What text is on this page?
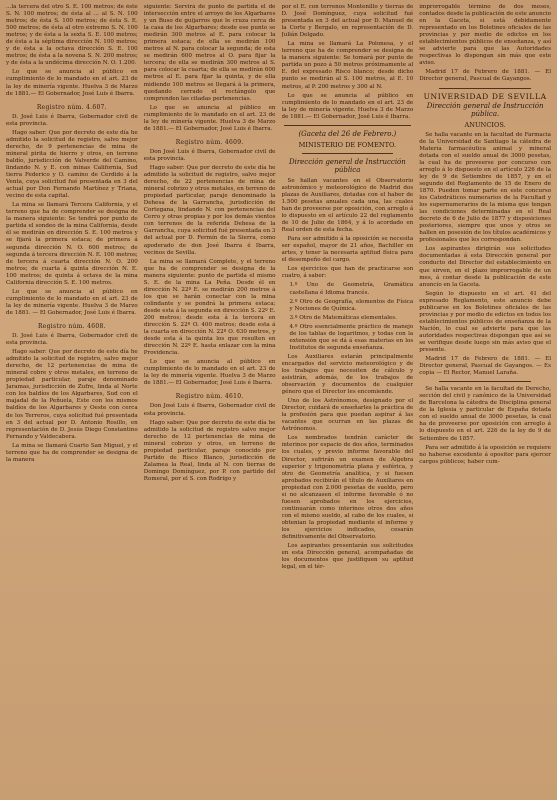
...la tercera del otro S. E. 100 metros; de éste S. N. 100 metros; de ésta al ... al S. N. 100 metros; de ésta S. 100 metros; de ésta S. E. 500 metros; de ésta al otro extremo S. N. 100 metros; y de ésta a la sexta S. E. 100 metros; de ésta a la séptima dirección N. 100 metros; y de ésta a la octava dirección S. E. 100 metros; de ésta a la novena S. N. 200 metros; y de ésta a la undécima dirección N. O. 1.200.

Lo que se anuncia al público en cumplimiento de lo mandado en el art. 23 de la ley de minería vigente. Huelva 3 de Marzo de 1881.— El Gobernador, José Luis é Ibarra.

Registro núm. 4.607.

D. José Luis é Ibarra, Gobernador civil de esta provincia.

Hago saber: Que por decreto de este día he admitido la solicitud de registro, salvo mejor derecho, de 9 pertenencias de mina de mineral pirita de hierro y otros, en terreno baldío, jurisdicción de Valverde del Camino, lindando N. y E. con minas California, Sud tierra Federico y O. camino de Cerdido á la Venta, cuya solicitud fué presentada en 3 del actual por Don Fernando Martínez y Triana, vecino de esta capital.

La mina se llamará Tercera California, y el terreno que ha de comprender se designa de la manera siguiente: Se tendrá por punto de partida el sondeo de la mina California, desde él se medirán en dirección S. E. 100 metros y se fijará la primera estaca; de primera á segunda dirección N. O. 600 metros; de segunda á tercera dirección N. E. 100 metros; de tercera á cuarta dirección N. O. 200 metros; de cuarta á quinta dirección N. E. 100 metros; de quinta á octava de la mina California dirección S. E. 100 metros.

Lo que se anuncia al público en cumplimiento de lo mandado en el art. 23 de la ley de minería vigente. Huelva 3 de Marzo de 1881. — El Gobernador, José Luis é Ibarra.

Registro núm. 4608.

D. José Luis é Ibarra, Gobernador civil de esta provincia.

Hago saber: Que por decreto de este día he admitido la solicitud de registro, salvo mejor derecho, de 12 pertenencias de mina de mineral cobre y otros metales, en terreno de propiedad particular, paraje denominado Jaramas, jurisdicción de Zufre, linda al Norte con los baldíos de los Algarbares, Sud con el majadal de la Peñuela, Este con los mismos baldíos de los Algarbares y Oeste con cerca de los Terreros, cuya solicitud fué presentada en 3 del actual por D. Antonio Rosillo, en representación de D. Jesús Diego Constantino Fernando y Valdecabera.

La mina se llamará Cuarto San Miguel, y el terreno que ha de comprender se designa de la manera

siguiente: Servirá de punto de partida el de intersección entre el arroyo de los Algarbares y un Buso de guijarros que le cruza cerca de la casa de los Algarbares; desde ese punto se medirán 300 metros al E. para colocar la primera estaca; de ella se medirán 100 metros al N. para colocar la segunda; de esta se medirán 600 metros al O. para fijar la tercera; de ella se medirán 300 metros al S. para colocar la cuarta; de ella se medirán 600 metros al E. para fijar la quinta, y de ella midiendo 100 metros se llegará á la primera, quedando cerrado el rectángulo que comprenden las citadas pertenencias.

Lo que se anuncia al público en cumplimiento de lo mandado en el art. 23 de la ley de minería vigente. Huelva 3 de Marzo de 1881.— El Gobernador, José Luis é Ibarra.

Registro núm. 4609.

Don José Luis é Ibarra, Gobernador civil de esta provincia.

Hago saber: Que por decreto de este día he admitido la solicitud de registro, salvo mejor derecho, de 22 pertenencias de mina de mineral cobrizo y otros metales, en terreno de propiedad particular, paraje denominado la Dehesa de la Garrancha, jurisdicción de Cortegana, lindando N. con pertenencias del Cerro y otras propias y por los demás vientos con terrenos de la referida Dehesa de la Garrancha, cuya solicitud fué presentada en 3 del actual por D. Fermín de la Sierra, como apoderado de don José Ibarra é Ibarra, vecinos de Sevilla.

La mina se llamará Complete, y el terreno que ha de comprender se designa de la manera siguiente: punto de partida el mismo S. E. de la mina La Peña. Desde él en dirección N. 22º E. se medirán 200 metros á los que se harán conectar con la mina colindante y se pondrá la primera estaca; desde esta á la segunda en dirección S. 22º E. 200 metros; desde esta á la tercera en dirección S. 22º O. 400 metros; desde esta á la cuarta en dirección N. 22º O. 630 metros, y desde esta á la quinta los que resulten en dirección N. 22º E. hasta enlazar con la mina Providencia.

Lo que se anuncia al público en cumplimiento de lo mandado en el art. 23 de la ley de minería vigente. Huelva 3 de Marzo de 1881.— El Gobernador, José Luis é Ibarra.

Registro núm. 4610.

Don José Luis é Ibarra, Gobernador civil de esta provincia.

Hago saber: Que por decreto de este día he admitido la solicitud de registro salvo mejor derecho de 12 pertenencias de mina de mineral cobrizo y otros, en terreno de propiedad particular, paraje conocido por Partido de Risco Blanco, jurisdicción de Zalamea la Real, linda al N. con tierras de Domingo Domínguez, por P. con partido del Romeral, por el S. con Rodrigo y

por el E. con terrenos Montenillo y tierras de D. José Domínguez, cuya solicitud fué presentada en 3 del actual por D. Manuel de la Corte y Bergalo, en representación de D. Julián Delgado.

La mina se llamará La Polonesa, y el terreno que ha de comprender se designa de la manera siguiente: Se tomará por punto de partida un pozo á 50 metros próximamente al E. del expresado Risco blanco; desde dicho punto se medirán al S. 100 metros, al E. 10 metros, al P. 200 metros y 300 al N.

Lo que se anuncia al público en cumplimiento de lo mandado en el art. 23 de la ley de minería vigente. Huelva 3 de Marzo de 1881.— El Gobernador, José Luis é Ibarra.

(Gaceta del 26 de Febrero.)
MINISTERIO DE FOMENTO.
Dirección general de Instrucción pública

Se hallan vacantes en el Observatorio astronómico y meteorológico de Madrid dos plazas de Auxiliares, dotadas con el haber de 1.500 pesetas anuales cada una, las cuales han de proveerse por oposición, con arreglo á lo dispuesto en el artículo 22 del reglamento de 10 de Julio de 1864, y á lo acordado en Real orden de esta fecha.

Para ser admitido á la oposición se necesita ser español, mayor de 21 años, Bachiller en artes, y tener la necesaria aptitud física para el desempeño del cargo.

Los ejercicios que han de practicarse son cuatro, á saber:

1.º Uno de Geometría, Gramática castellana é Idioma francés.

2.º Otro de Geografía, elementos de Física y Nociones de Química.

3.º Otro de Matemáticas elementales.

4.º Otro esencialmente práctico de manejo de los tablas de logaritmos, y todas con la extensión que se dá á esas materias en los Institutos de segunda enseñanza.

Los Auxiliares estarán principalmente encargados del servicio meteorológico y de los trabajos que necesiten de cálculo y asistirán, además, de los trabajos de observación y documentos de cualquier género que el Director les encomiende.

Uno de los Astrónomos, designado por el Director, cuidará de enseñarles la práctica de la profesión para que puedan aspirar á las vacantes que ocurran en las plazas de Astrónomos.

Los nombrados tendrán carácter de interinos por espacio de dos años, terminados los cuales, y previo informe favorable del Director, sufrirán un examen de Álgebra superior y trigonometría plana y esférica, y otro de Geometría analítica, y si fuesen aprobados recibirán el título de Auxiliares en propiedad con 2.000 pesetas de sueldo, pero si no alcanzasen el informe favorable ó no fuesen aprobados en los ejercicios, continuarán como interinos otros dos años con el mismo sueldo, al cabo de los cuales, si obtenian la propiedad mediante el informe y los ejercicios indicados, cesarán definitivamente del Observatorio.

Los aspirantes presentarán sus solicitudes en esta Dirección general, acompañadas de los documentos que justifiquen su aptitud legal, en el tér-

improrrogable término de dos meses, contados desde la publicación de este anuncio en la Gaceta, si está debidamente representado en los Boletines oficiales de las provincias y por medio de edictos en los establecimientos públicos de enseñanza, y así se advierte para que las Autoridades respectivas lo dispongan sin más que este aviso.

Madrid 17 de Febrero de 1881. — El Director general, Pascual de Gayangos.

UNIVERSIDAD DE SEVILLA
Dirección general de Instrucción pública.
ANUNCIOS.

Se halla vacante en la facultad de Farmacia de la Universidad de Santiago la cátedra de Materia farmacéutica animal y mineral dotada con el sueldo anual de 3000 pesetas, la cual ha de proveerse por concurso con arreglo á lo dispuesto en el artículo 226 de la ley de 9 de Setiembre de 1857, y en el segundo del Reglamento de 15 de Enero de 1870. Pueden tomar parte en este concurso los Catedráticos numerarios de la Facultad y los supernumerarios de la misma que tengan las condiciones determinadas en el Real decreto de 6 de Julio de 1877 y disposiciones posteriores, siempre que unos y otros se hallen en posesión de los títulos académicos y profesionales que les correspondan.

Los aspirantes dirigirán sus solicitudes documentadas á esta Dirección general por conducto del Director del establecimiento en que sirven, en el plazo improrrogable de un mes, á contar desde la publicación de este anuncio en la Gaceta.

Según lo dispuesto en el art. 41 del expresado Reglamento, este anuncio debe publicarse en los Boletines oficiales de las provincias y por medio de edictos en todos los establecimientos públicos de enseñanza de la Nación, lo cual se advierte para que las autoridades respectivas dispongan que así se se verifique desde luego sin más aviso que el presente.

Madrid 17 de Febrero de 1881. — El Director general, Pascual de Gayangos. — Es copia — El Rector, Manuel Laraña.

Se halla vacante en la facultad de Derecho, sección del civil y canónico de la Universidad de Barcelona la cátedra de Disciplina general de la Iglesia y particular de España dotada con el sueldo anual de 3000 pesetas, la cual ha de proveerse por oposición con arreglo á lo dispuesto en el art. 226 de la ley de 9 de Setiembre de 1857.

Para ser admitido á la oposición se requiere no haberse excedente á opositor para ejercer cargos públicos; haber cum-
